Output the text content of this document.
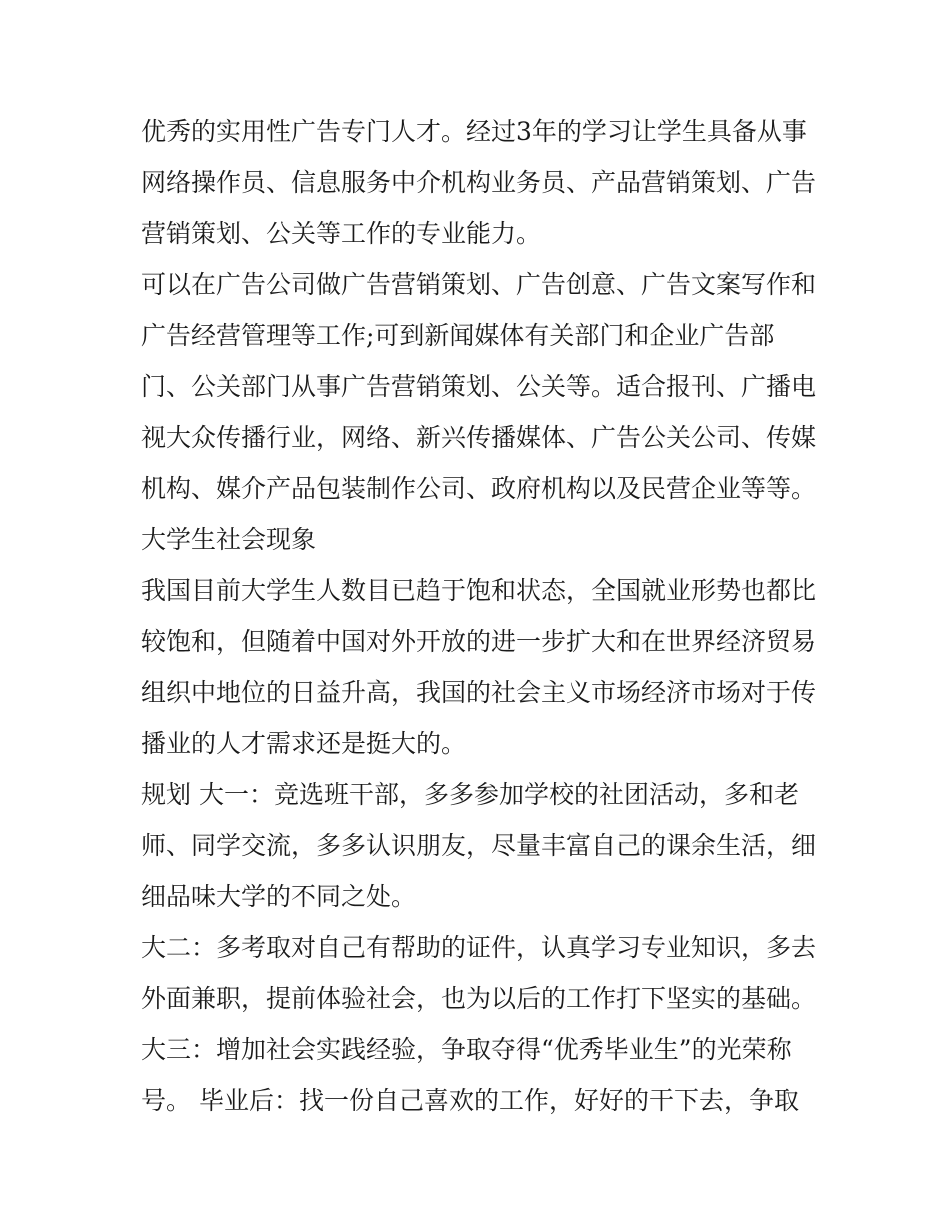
优秀的实用性广告专门人才。经过3年的学习让学生具备从事
网络操作员、信息服务中介机构业务员、产品营销策划、广告
营销策划、公关等工作的专业能力。
可以在广告公司做广告营销策划、广告创意、广告文案写作和
广告经营管理等工作;可到新闻媒体有关部门和企业广告部
门、公关部门从事广告营销策划、公关等。适合报刊、广播电
视大众传播行业，网络、新兴传播媒体、广告公关公司、传媒
机构、媒介产品包装制作公司、政府机构以及民营企业等等。
大学生社会现象
我国目前大学生人数目已趋于饱和状态，全国就业形势也都比
较饱和，但随着中国对外开放的进一步扩大和在世界经济贸易
组织中地位的日益升高，我国的社会主义市场经济市场对于传
播业的人才需求还是挺大的。
规划 大一：竞选班干部，多多参加学校的社团活动，多和老
师、同学交流，多多认识朋友，尽量丰富自己的课余生活，细
细品味大学的不同之处。
大二：多考取对自己有帮助的证件，认真学习专业知识，多去
外面兼职，提前体验社会，也为以后的工作打下坚实的基础。
大三：增加社会实践经验，争取夺得“优秀毕业生”的光荣称
号。 毕业后：找一份自己喜欢的工作，好好的干下去，争取
